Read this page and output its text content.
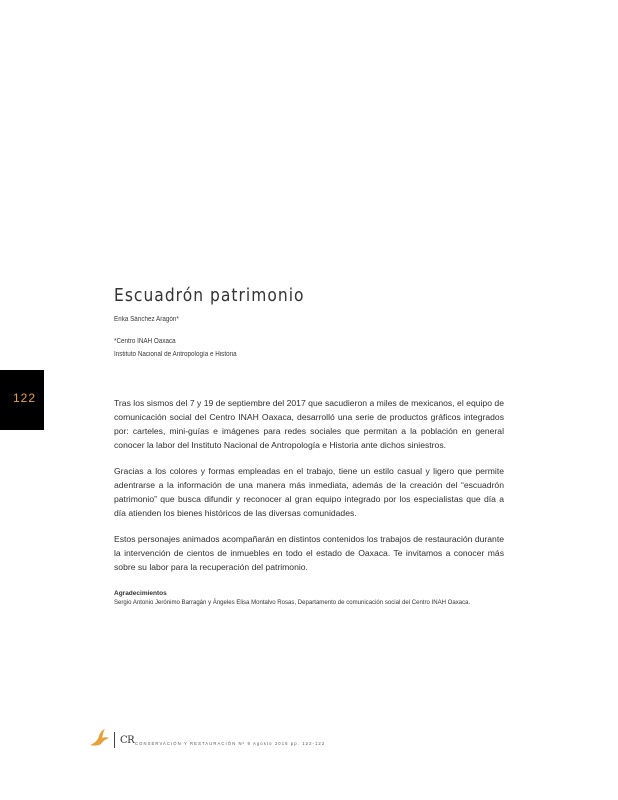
Escuadrón patrimonio
Erika Sánchez Aragón*
*Centro INAH Oaxaca
Instituto Nacional de Antropología e Historia
122	Tras los sismos del 7 y 19 de septiembre del 2017 que sacudieron a miles de mexicanos, el equipo de comunicación social del Centro INAH Oaxaca, desarrolló una serie de productos gráficos integrados por: carteles, mini-guías e imágenes para redes sociales que permitan a la población en general conocer la labor del Instituto Nacional de Antropología e Historia ante dichos siniestros.

Gracias a los colores y formas empleadas en el trabajo, tiene un estilo casual y ligero que permite adentrarse a la información de una manera más inmediata, además de la creación del “escuadrón patrimonio” que busca difundir y reconocer al gran equipo integrado por los especialistas que día a día atienden los bienes históricos de las diversas comunidades.

Estos personajes animados acompañarán en distintos contenidos los trabajos de restauración durante la intervención de cientos de inmuebles en todo el estado de Oaxaca. Te invitamos a conocer más sobre su labor para la recuperación del patrimonio.

Agradecimientos
Sergio Antonio Jerónimo Barragán y Ángeles Elisa Montalvo Rosas, Departamento de comunicación social del Centro INAH Oaxaca.
CR CONSERVACIÓN Y RESTAURACIÓN Nº 9 Agosto 2016 pp. 122-122
